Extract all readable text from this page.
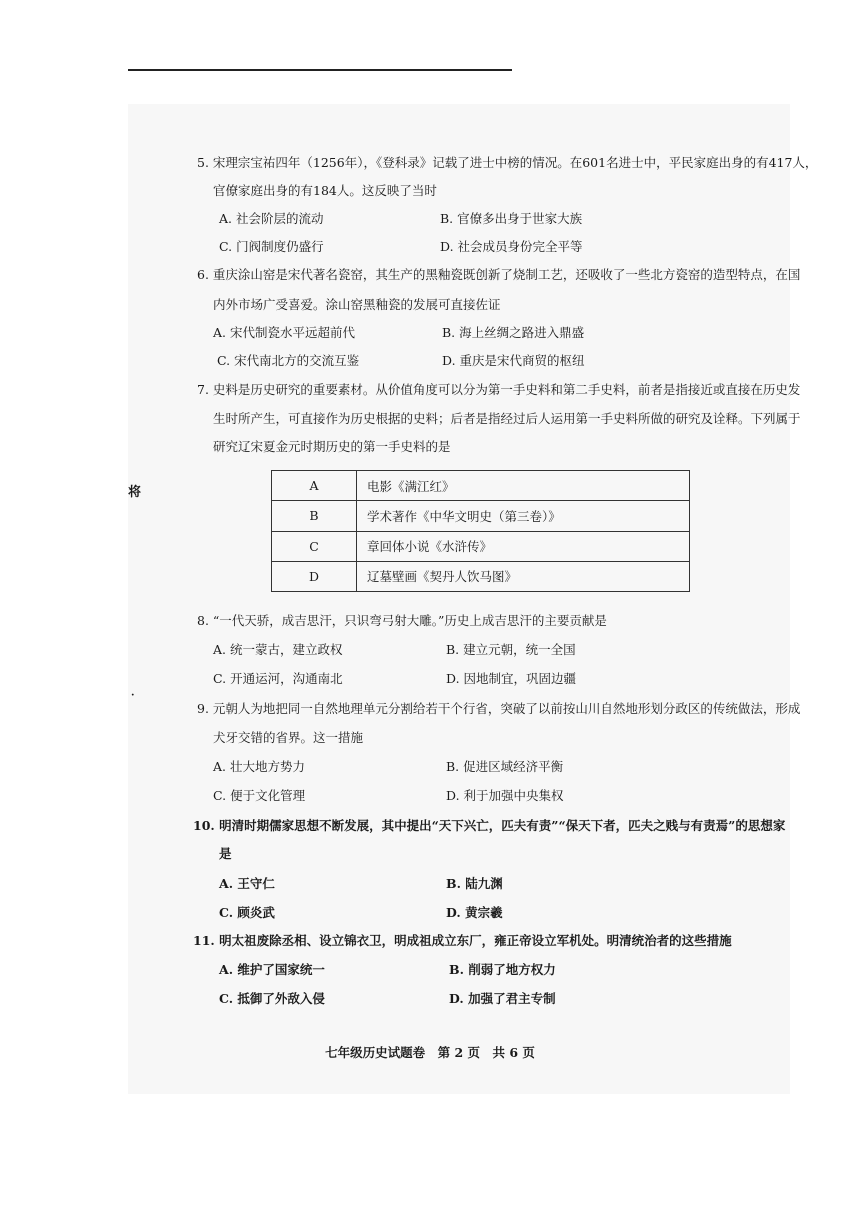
将
·
5. 宋理宗宝祐四年（1256年），《登科录》记载了进士中榜的情况。在601名进士中，平民家庭出身的有417人，
官僚家庭出身的有184人。这反映了当时
A. 社会阶层的流动	B. 官僚多出身于世家大族
C. 门阀制度仍盛行	D. 社会成员身份完全平等
6. 重庆涂山窑是宋代著名瓷窑，其生产的黑釉瓷既创新了烧制工艺，还吸收了一些北方瓷窑的造型特点，在国
内外市场广受喜爱。涂山窑黑釉瓷的发展可直接佐证
A. 宋代制瓷水平远超前代	B. 海上丝绸之路进入鼎盛
C. 宋代南北方的交流互鉴	D. 重庆是宋代商贸的枢纽
7. 史料是历史研究的重要素材。从价值角度可以分为第一手史料和第二手史料，前者是指接近或直接在历史发
生时所产生，可直接作为历史根据的史料；后者是指经过后人运用第一手史料所做的研究及诠释。下列属于
研究辽宋夏金元时期历史的第一手史料的是
A	电影《满江红》
B	学术著作《中华文明史（第三卷）》
C	章回体小说《水浒传》
D	辽墓壁画《契丹人饮马图》
8. “一代天骄，成吉思汗，只识弯弓射大雕。”历史上成吉思汗的主要贡献是
A. 统一蒙古，建立政权	B. 建立元朝，统一全国
C. 开通运河，沟通南北	D. 因地制宜，巩固边疆
9. 元朝人为地把同一自然地理单元分割给若干个行省，突破了以前按山川自然地形划分政区的传统做法，形成
犬牙交错的省界。这一措施
A. 壮大地方势力	B. 促进区域经济平衡
C. 便于文化管理	D. 利于加强中央集权
10. 明清时期儒家思想不断发展，其中提出“天下兴亡，匹夫有责”“保天下者，匹夫之贱与有责焉”的思想家
是
A. 王守仁	B. 陆九渊
C. 顾炎武	D. 黄宗羲
11. 明太祖废除丞相、设立锦衣卫，明成祖成立东厂，雍正帝设立军机处。明清统治者的这些措施
A. 维护了国家统一	B. 削弱了地方权力
C. 抵御了外敌入侵	D. 加强了君主专制
七年级历史试题卷　第 2 页　共 6 页
